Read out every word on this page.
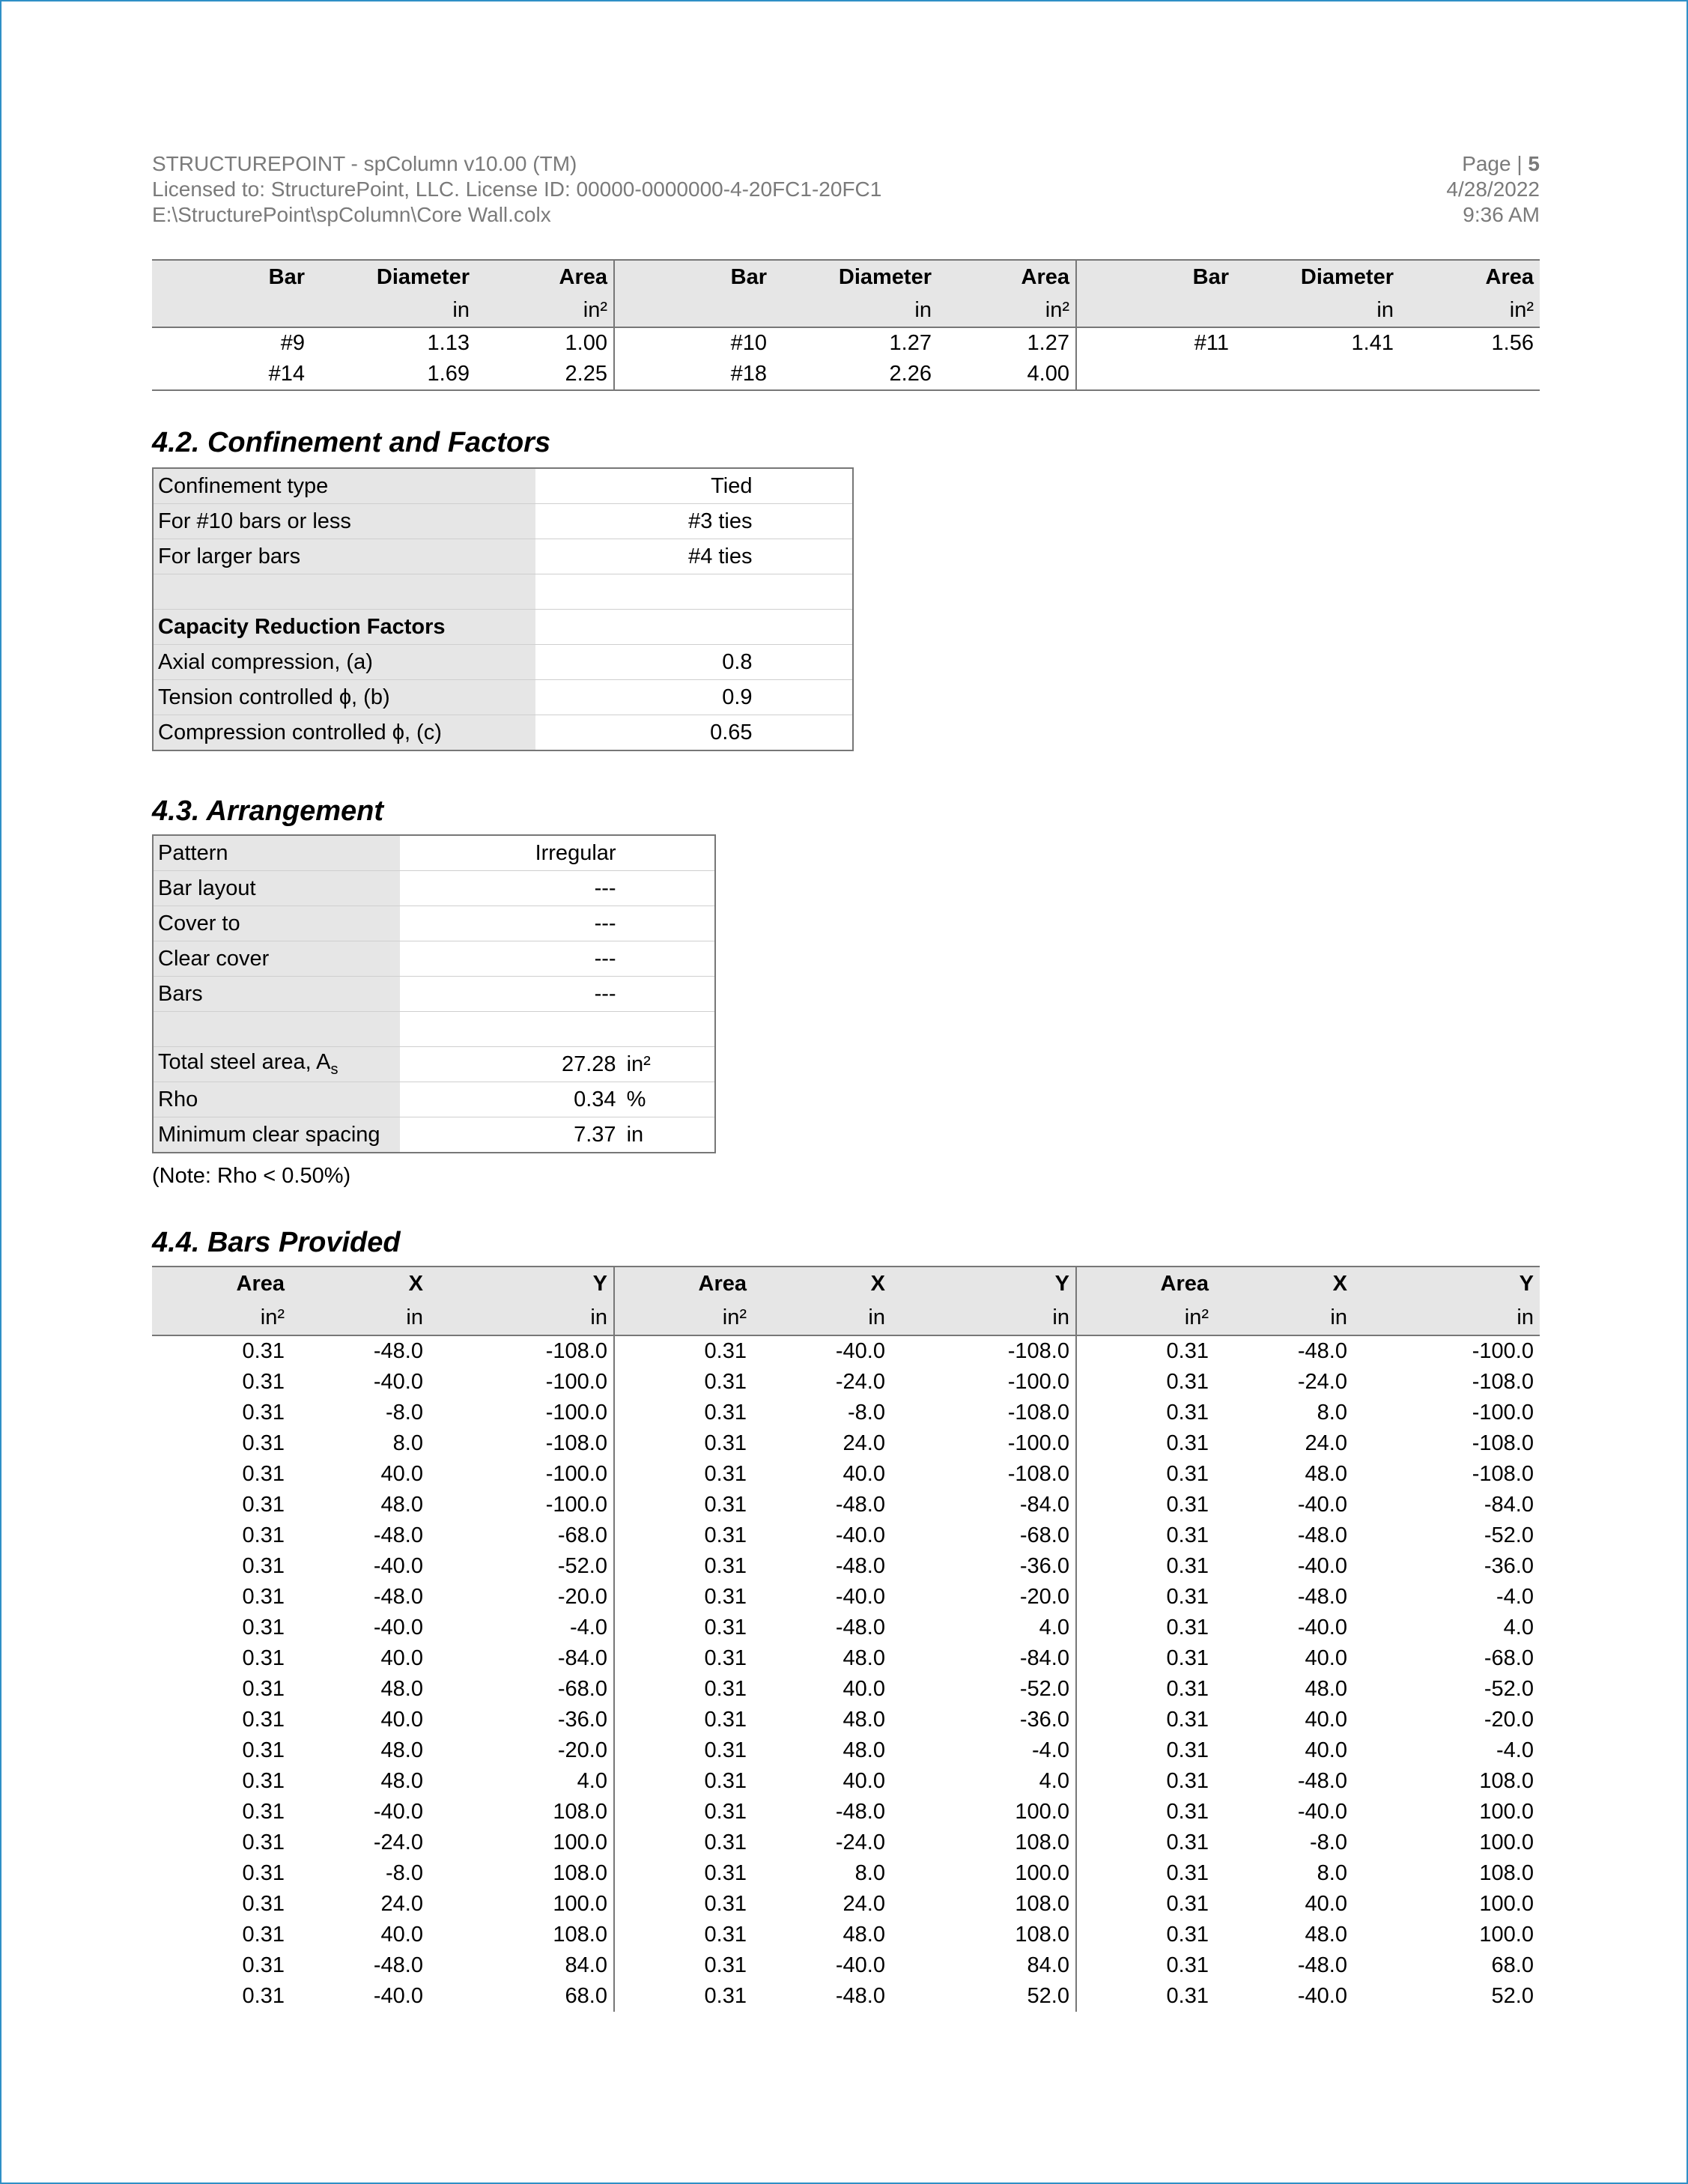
STRUCTUREPOINT - spColumn v10.00 (TM)
Licensed to: StructurePoint, LLC. License ID: 00000-0000000-4-20FC1-20FC1
E:\StructurePoint\spColumn\Core Wall.colx
Page | 5
4/28/2022
9:36 AM
Bar	Diameter	Area	Bar	Diameter	Area	Bar	Diameter	Area
	in	in²		in	in²		in	in²
#9	1.13	1.00	#10	1.27	1.27	#11	1.41	1.56
#14	1.69	2.25	#18	2.26	4.00			
4.2. Confinement and Factors
Confinement type	Tied	
For #10 bars or less	#3 ties	
For larger bars	#4 ties	

Capacity Reduction Factors		
Axial compression, (a)	0.8	
Tension controlled ϕ, (b)	0.9	
Compression controlled ϕ, (c)	0.65	
4.3. Arrangement
Pattern	Irregular	
Bar layout	---	
Cover to	---	
Clear cover	---	
Bars	---	

Total steel area, $A_s$	27.28	in²
Rho	0.34	%
Minimum clear spacing	7.37	in
(Note: Rho < 0.50%)
4.4. Bars Provided
Area	X	Y	Area	X	Y	Area	X	Y
in²	in	in	in²	in	in	in²	in	in
0.31	-48.0	-108.0	0.31	-40.0	-108.0	0.31	-48.0	-100.0
0.31	-40.0	-100.0	0.31	-24.0	-100.0	0.31	-24.0	-108.0
0.31	-8.0	-100.0	0.31	-8.0	-108.0	0.31	8.0	-100.0
0.31	8.0	-108.0	0.31	24.0	-100.0	0.31	24.0	-108.0
0.31	40.0	-100.0	0.31	40.0	-108.0	0.31	48.0	-108.0
0.31	48.0	-100.0	0.31	-48.0	-84.0	0.31	-40.0	-84.0
0.31	-48.0	-68.0	0.31	-40.0	-68.0	0.31	-48.0	-52.0
0.31	-40.0	-52.0	0.31	-48.0	-36.0	0.31	-40.0	-36.0
0.31	-48.0	-20.0	0.31	-40.0	-20.0	0.31	-48.0	-4.0
0.31	-40.0	-4.0	0.31	-48.0	4.0	0.31	-40.0	4.0
0.31	40.0	-84.0	0.31	48.0	-84.0	0.31	40.0	-68.0
0.31	48.0	-68.0	0.31	40.0	-52.0	0.31	48.0	-52.0
0.31	40.0	-36.0	0.31	48.0	-36.0	0.31	40.0	-20.0
0.31	48.0	-20.0	0.31	48.0	-4.0	0.31	40.0	-4.0
0.31	48.0	4.0	0.31	40.0	4.0	0.31	-48.0	108.0
0.31	-40.0	108.0	0.31	-48.0	100.0	0.31	-40.0	100.0
0.31	-24.0	100.0	0.31	-24.0	108.0	0.31	-8.0	100.0
0.31	-8.0	108.0	0.31	8.0	100.0	0.31	8.0	108.0
0.31	24.0	100.0	0.31	24.0	108.0	0.31	40.0	100.0
0.31	40.0	108.0	0.31	48.0	108.0	0.31	48.0	100.0
0.31	-48.0	84.0	0.31	-40.0	84.0	0.31	-48.0	68.0
0.31	-40.0	68.0	0.31	-48.0	52.0	0.31	-40.0	52.0
